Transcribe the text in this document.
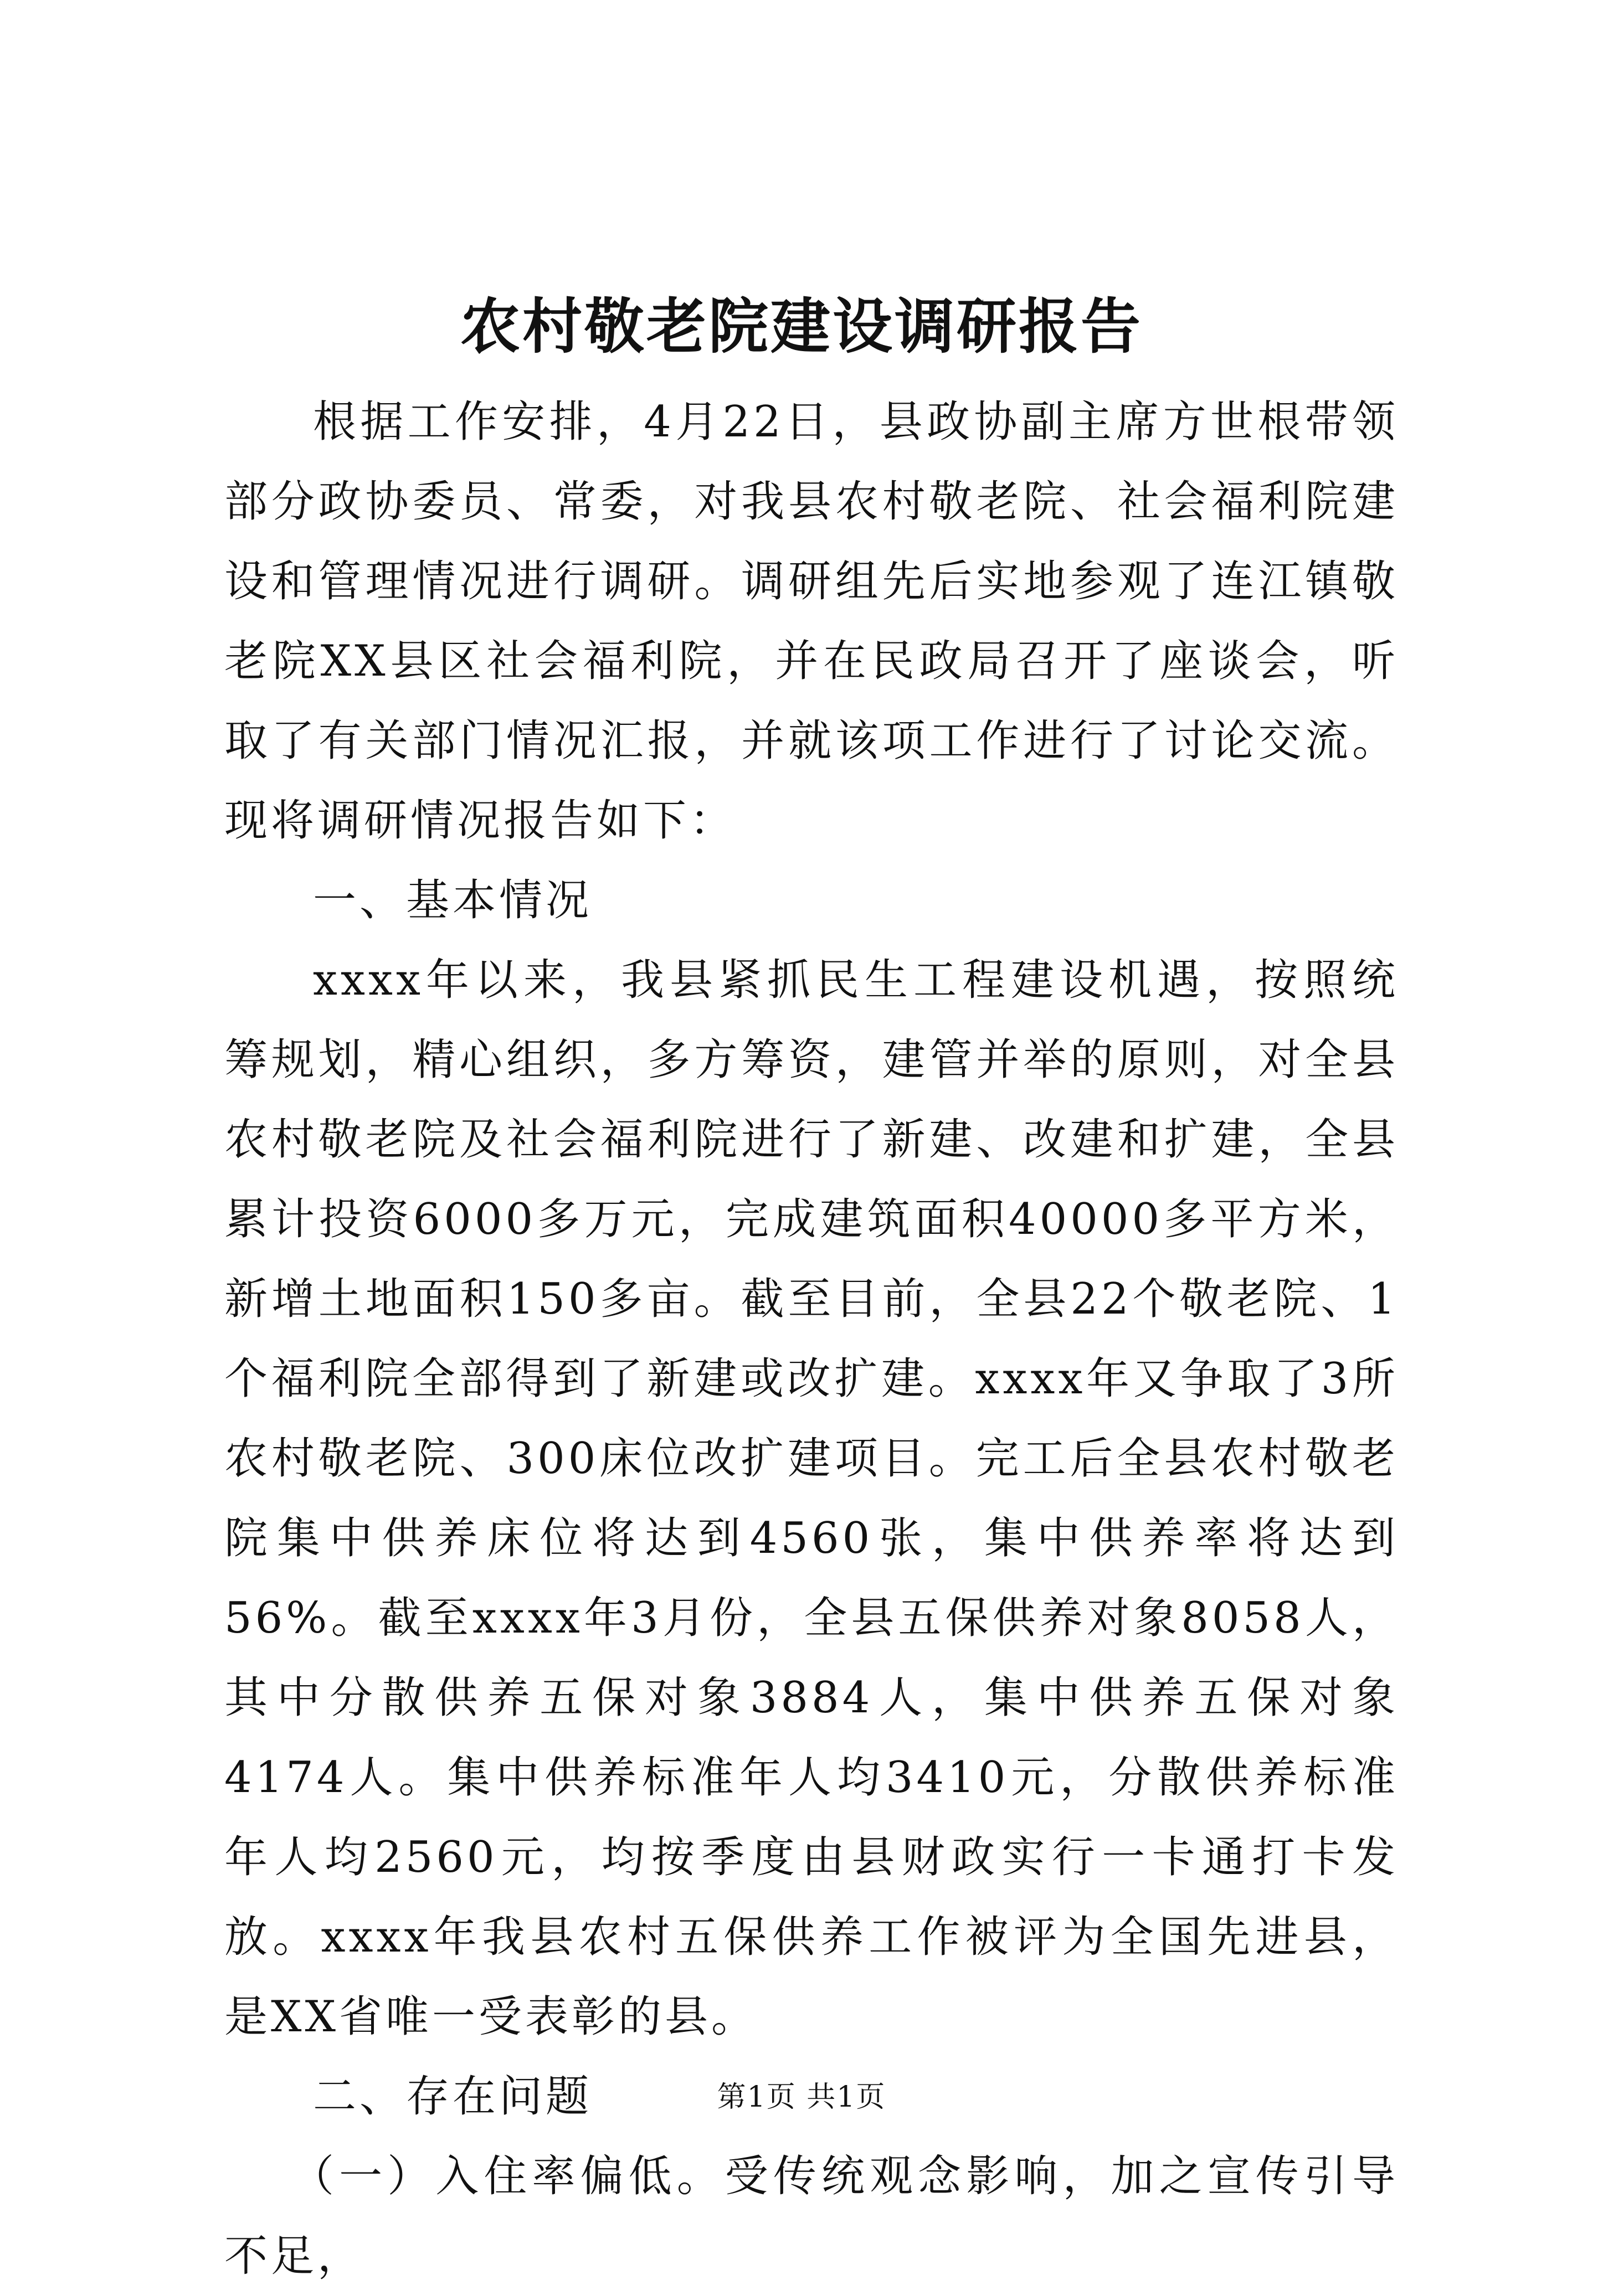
农村敬老院建设调研报告

根据工作安排，4月22日，县政协副主席方世根带领部分政协委员、常委，对我县农村敬老院、社会福利院建设和管理情况进行调研。调研组先后实地参观了连江镇敬老院XX县区社会福利院，并在民政局召开了座谈会，听取了有关部门情况汇报，并就该项工作进行了讨论交流。现将调研情况报告如下：

一、基本情况

xxxx年以来，我县紧抓民生工程建设机遇，按照统筹规划，精心组织，多方筹资，建管并举的原则，对全县农村敬老院及社会福利院进行了新建、改建和扩建，全县累计投资6000多万元，完成建筑面积40000多平方米，新增土地面积150多亩。截至目前，全县22个敬老院、1个福利院全部得到了新建或改扩建。xxxx年又争取了3所农村敬老院、300床位改扩建项目。完工后全县农村敬老院集中供养床位将达到4560张，集中供养率将达到56%。截至xxxx年3月份，全县五保供养对象8058人，其中分散供养五保对象3884人，集中供养五保对象4174人。集中供养标准年人均3410元，分散供养标准年人均2560元，均按季度由县财政实行一卡通打卡发放。xxxx年我县农村五保供养工作被评为全国先进县，是XX省唯一受表彰的县。

二、存在问题

（一）入住率偏低。受传统观念影响，加之宣传引导不足，

第1页 共1页
